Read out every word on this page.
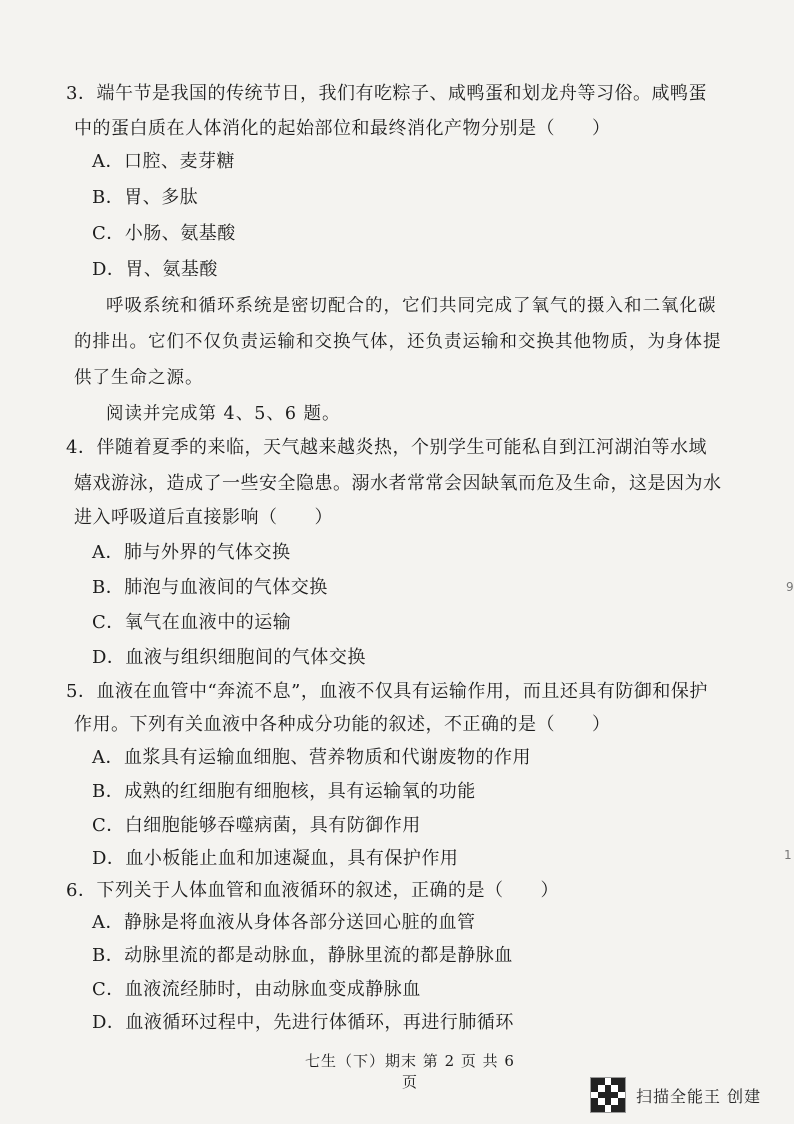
3．端午节是我国的传统节日，我们有吃粽子、咸鸭蛋和划龙舟等习俗。咸鸭蛋
中的蛋白质在人体消化的起始部位和最终消化产物分别是（　　）
A．口腔、麦芽糖
B．胃、多肽
C．小肠、氨基酸
D．胃、氨基酸
呼吸系统和循环系统是密切配合的，它们共同完成了氧气的摄入和二氧化碳
的排出。它们不仅负责运输和交换气体，还负责运输和交换其他物质，为身体提
供了生命之源。
阅读并完成第 4、5、6 题。
4．伴随着夏季的来临，天气越来越炎热，个别学生可能私自到江河湖泊等水域
嬉戏游泳，造成了一些安全隐患。溺水者常常会因缺氧而危及生命，这是因为水
进入呼吸道后直接影响（　　）
A．肺与外界的气体交换
B．肺泡与血液间的气体交换
C．氧气在血液中的运输
D．血液与组织细胞间的气体交换
5．血液在血管中“奔流不息”，血液不仅具有运输作用，而且还具有防御和保护
作用。下列有关血液中各种成分功能的叙述，不正确的是（　　）
A．血浆具有运输血细胞、营养物质和代谢废物的作用
B．成熟的红细胞有细胞核，具有运输氧的功能
C．白细胞能够吞噬病菌，具有防御作用
D．血小板能止血和加速凝血，具有保护作用
6．下列关于人体血管和血液循环的叙述，正确的是（　　）
A．静脉是将血液从身体各部分送回心脏的血管
B．动脉里流的都是动脉血，静脉里流的都是静脉血
C．血液流经肺时，由动脉血变成静脉血
D．血液循环过程中，先进行体循环，再进行肺循环
七生（下）期末 第 2 页 共 6 页
9
1
扫描全能王 创建
